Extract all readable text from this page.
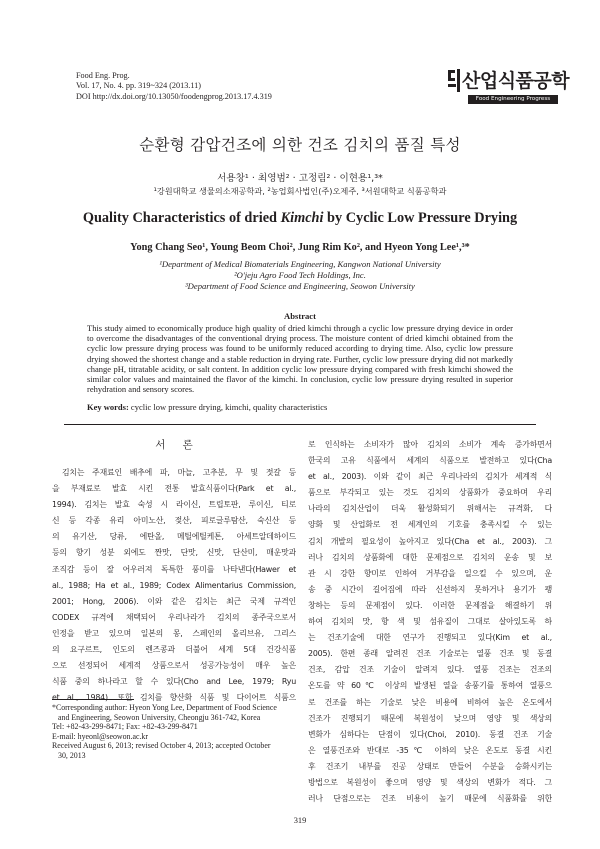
Food Eng. Prog.
Vol. 17, No. 4. pp. 319~324 (2013.11)
DOI http://dx.doi.org/10.13050/foodengprog.2013.17.4.319
산업식품공학
Food Engineering Progress
순환형 감압건조에 의한 건조 김치의 품질 특성
서용창¹ · 최영범² · 고정림² · 이현용¹,³*
¹강원대학교 생물의소재공학과, ²농업회사법인(주)오제주, ³서원대학교 식품공학과
Quality Characteristics of dried Kimchi by Cyclic Low Pressure Drying
Yong Chang Seo¹, Young Beom Choi², Jung Rim Ko², and Hyeon Yong Lee¹,³*
¹Department of Medical Biomaterials Engineering, Kangwon National University
²O'jeju Agro Food Tech Holdings, Inc.
³Department of Food Science and Engineering, Seowon University
Abstract
This study aimed to economically produce high quality of dried kimchi through a cyclic low pressure drying device in order to overcome the disadvantages of the conventional drying process. The moisture content of dried kimchi obtained from the cyclic low pressure drying process was found to be uniformly reduced according to drying time. Also, cyclic low pressure drying showed the shortest change and a stable reduction in drying rate. Further, cyclic low pressure drying did not markedly change pH, titratable acidity, or salt content. In addition cyclic low pressure drying compared with fresh kimchi showed the similar color values and maintained the flavor of the kimchi. In conclusion, cyclic low pressure drying resulted in superior rehydration and sensory scores.
Key words: cyclic low pressure drying, kimchi, quality characteristics
서 론
김치는 주재료인 배추에 파, 마늘, 고추분, 무 및 젓갈 등
을 부재료로 발효 시킨 전통 발효식품이다(Park et al.,
1994). 김치는 발효 숙성 시 라이신, 트립토판, 루이신, 티로
신 등 각종 유리 아미노산, 젖산, 피로글루탐산, 숙신산 등
의 유기산, 당류, 에탄올, 메틸에틸케톤, 아세트알데하이드
등의 향기 성분 외에도 짠맛, 단맛, 신맛, 단산미, 매운맛과
조직감 등이 잘 어우러져 독특한 풍미를 나타낸다(Hawer et
al., 1988; Ha et al., 1989; Codex Alimentarius Commission,
2001; Hong, 2006). 이와 같은 김치는 최근 국제 규격인
CODEX 규격에 채택되어 우리나라가 김치의 종주국으로서
인정을 받고 있으며 일본의 몽, 스페인의 올리브유, 그리스
의 요구르트, 인도의 렌즈콩과 더불어 세계 5대 건강식품
으로 선정되어 세계적 상품으로서 성공가능성이 매우 높은
식품 중의 하나라고 할 수 있다(Cho and Lee, 1979; Ryu
et al., 1984). 또한 김치를 향산화 식품 및 다이어트 식품으
로 인식하는 소비자가 많아 김치의 소비가 계속 증가하면서
한국의 고유 식품에서 세계의 식품으로 발전하고 있다(Cha
et al., 2003). 이와 같이 최근 우리나라의 김치가 세계적 식
품으로 부각되고 있는 것도 김치의 상품화가 중요하며 우리
나라의 김치산업이 더욱 활성화되기 위해서는 규격화, 다
양화 및 산업화로 전 세계인의 기호를 충족시킬 수 있는
김치 개발의 필요성이 높아지고 있다(Cha et al., 2003). 그
러나 김치의 상품화에 대한 문제점으로 김치의 운송 및 보
관 시 강한 향미로 인하여 거부감을 일으킬 수 있으며, 운
송 중 시간이 길어짐에 따라 신선하지 못하거나 용기가 팽
창하는 등의 문제점이 있다. 이러한 문제점을 해결하기 위
하여 김치의 맛, 향 색 및 섬유질이 그대로 살아있도록 하
는 건조기술에 대한 연구가 진행되고 있다(Kim et al.,
2005). 한편 종래 알려진 건조 기술로는 열풍 건조 및 동결
건조, 감압 건조 기술이 알려져 있다. 열풍 건조는 건조의
온도를 약 60℃ 이상의 발생된 열을 송풍기를 통하여 열풍으
로 건조를 하는 기술로 낮은 비용에 비하여 높은 온도에서
건조가 진행되기 때문에 복원성이 낮으며 영양 및 색상의
변화가 심하다는 단점이 있다(Choi, 2010). 동결 건조 기술
은 열풍건조와 반대로 -35℃ 이하의 낮은 온도로 동결 시킨
후 건조기 내부를 진공 상태로 만들어 수분을 승화시키는
방법으로 복원성이 좋으며 영양 및 색상의 변화가 적다. 그
러나 단점으로는 건조 비용이 높기 때문에 식품화를 위한
*Corresponding author: Hyeon Yong Lee, Department of Food Science
and Engineering, Seowon University, Cheongju 361-742, Korea
Tel: +82-43-299-8471; Fax: +82-43-299-8471
E-mail: hyeonl@seowon.ac.kr
Received August 6, 2013; revised October 4, 2013; accepted October
30, 2013
319
